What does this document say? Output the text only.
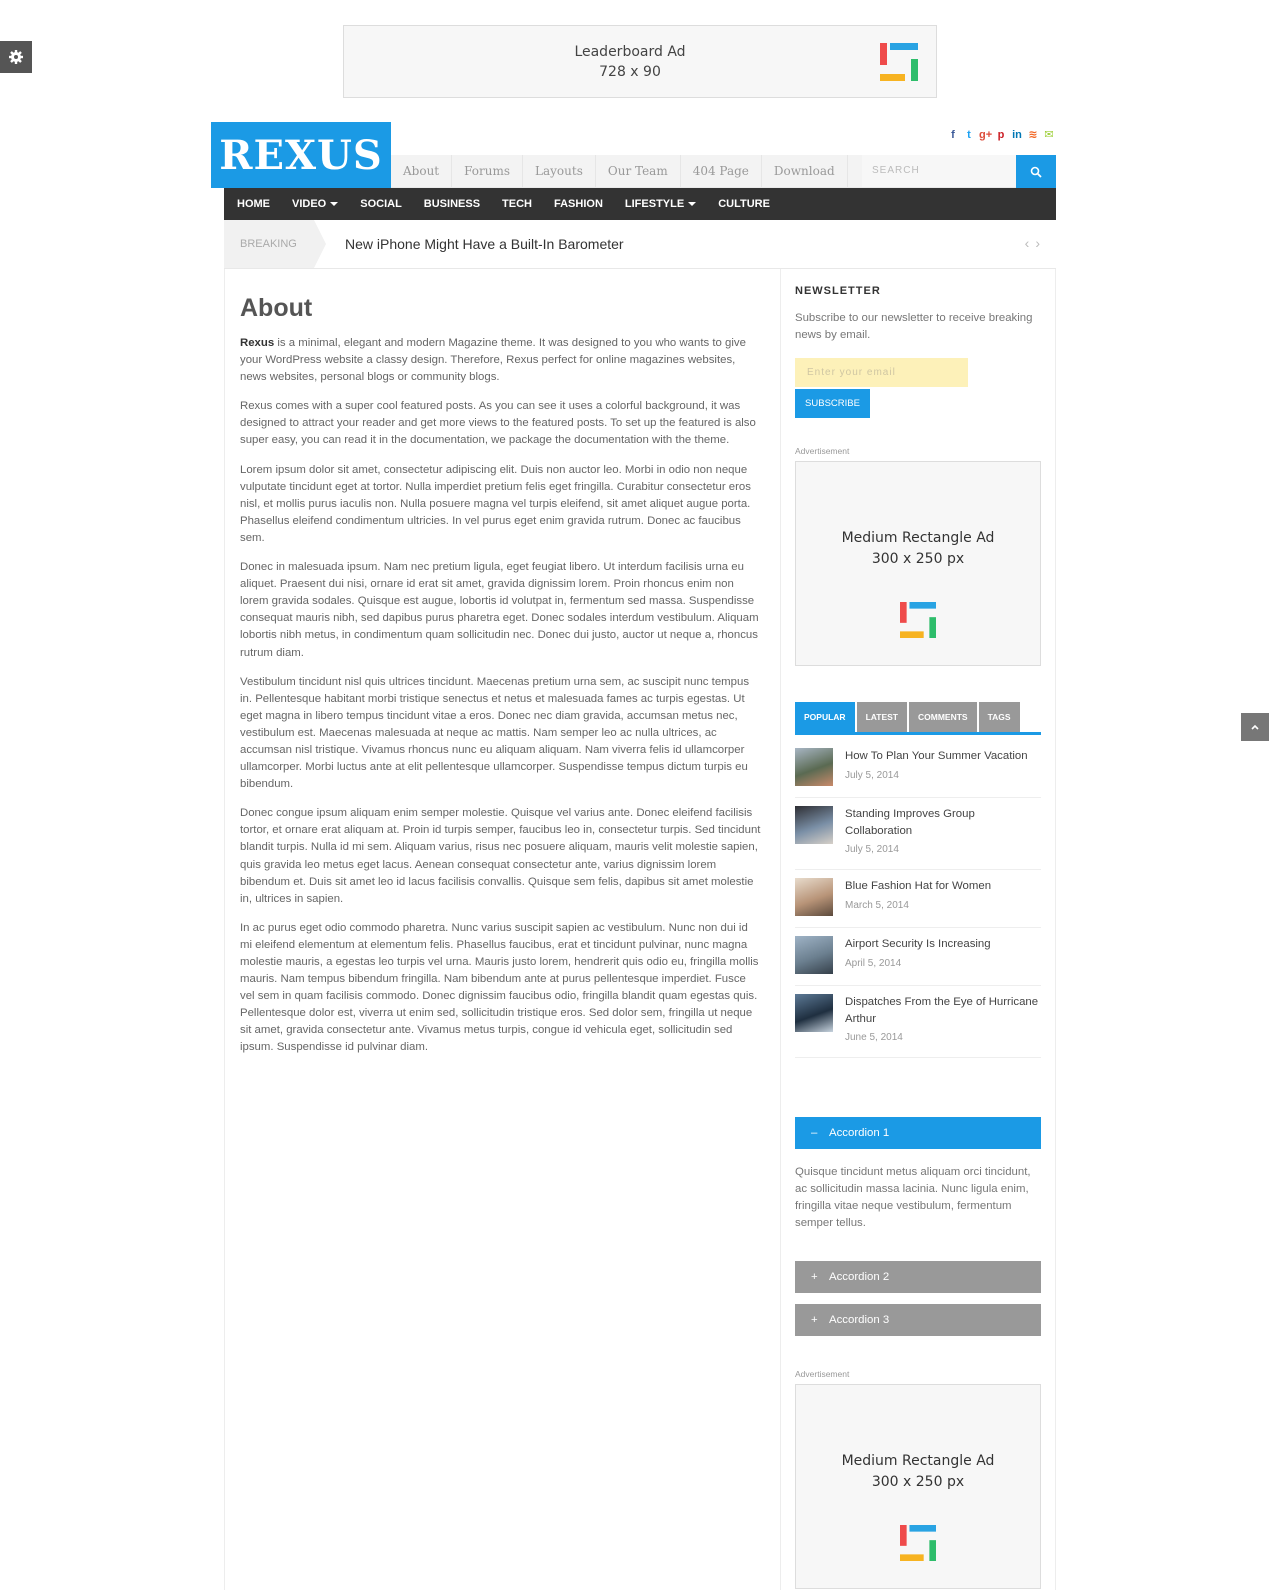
Leaderboard Ad
728 x 90
f	t g+ p in ≋ ✉
REXUS	About	Forums	Layouts	Our Team	404 Page	Download	SEARCH
HOME	VIDEO	SOCIAL	BUSINESS	TECH	FASHION	LIFESTYLE	CULTURE
BREAKING	New iPhone Might Have a Built-In Barometer	‹ ›
About

Rexus is a minimal, elegant and modern Magazine theme. It was designed to you who wants to give your WordPress website a classy design. Therefore, Rexus perfect for online magazines websites, news websites, personal blogs or community blogs.

Rexus comes with a super cool featured posts. As you can see it uses a colorful background, it was designed to attract your reader and get more views to the featured posts. To set up the featured is also super easy, you can read it in the documentation, we package the documentation with the theme.

Lorem ipsum dolor sit amet, consectetur adipiscing elit. Duis non auctor leo. Morbi in odio non neque vulputate tincidunt eget at tortor. Nulla imperdiet pretium felis eget fringilla. Curabitur consectetur eros nisl, et mollis purus iaculis non. Nulla posuere magna vel turpis eleifend, sit amet aliquet augue porta. Phasellus eleifend condimentum ultricies. In vel purus eget enim gravida rutrum. Donec ac faucibus sem.

Donec in malesuada ipsum. Nam nec pretium ligula, eget feugiat libero. Ut interdum facilisis urna eu aliquet. Praesent dui nisi, ornare id erat sit amet, gravida dignissim lorem. Proin rhoncus enim non lorem gravida sodales. Quisque est augue, lobortis id volutpat in, fermentum sed massa. Suspendisse consequat mauris nibh, sed dapibus purus pharetra eget. Donec sodales interdum vestibulum. Aliquam lobortis nibh metus, in condimentum quam sollicitudin nec. Donec dui justo, auctor ut neque a, rhoncus rutrum diam.

Vestibulum tincidunt nisl quis ultrices tincidunt. Maecenas pretium urna sem, ac suscipit nunc tempus in. Pellentesque habitant morbi tristique senectus et netus et malesuada fames ac turpis egestas. Ut eget magna in libero tempus tincidunt vitae a eros. Donec nec diam gravida, accumsan metus nec, vestibulum est. Maecenas malesuada at neque ac mattis. Nam semper leo ac nulla ultrices, ac accumsan nisl tristique. Vivamus rhoncus nunc eu aliquam aliquam. Nam viverra felis id ullamcorper ullamcorper. Morbi luctus ante at elit pellentesque ullamcorper. Suspendisse tempus dictum turpis eu bibendum.

Donec congue ipsum aliquam enim semper molestie. Quisque vel varius ante. Donec eleifend facilisis tortor, et ornare erat aliquam at. Proin id turpis semper, faucibus leo in, consectetur turpis. Sed tincidunt blandit turpis. Nulla id mi sem. Aliquam varius, risus nec posuere aliquam, mauris velit molestie sapien, quis gravida leo metus eget lacus. Aenean consequat consectetur ante, varius dignissim lorem bibendum et. Duis sit amet leo id lacus facilisis convallis. Quisque sem felis, dapibus sit amet molestie in, ultrices in sapien.

In ac purus eget odio commodo pharetra. Nunc varius suscipit sapien ac vestibulum. Nunc non dui id mi eleifend elementum at elementum felis. Phasellus faucibus, erat et tincidunt pulvinar, nunc magna molestie mauris, a egestas leo turpis vel urna. Mauris justo lorem, hendrerit quis odio eu, fringilla mollis mauris. Nam tempus bibendum fringilla. Nam bibendum ante at purus pellentesque imperdiet. Fusce vel sem in quam facilisis commodo. Donec dignissim faucibus odio, fringilla blandit quam egestas quis. Pellentesque dolor est, viverra ut enim sed, sollicitudin tristique eros. Sed dolor sem, fringilla ut neque sit amet, gravida consectetur ante. Vivamus metus turpis, congue id vehicula eget, sollicitudin sed ipsum. Suspendisse id pulvinar diam.

NEWSLETTER
Subscribe to our newsletter to receive breaking news by email.
Enter your email
SUBSCRIBE
Advertisement
Medium Rectangle Ad
300 x 250 px
POPULAR	LATEST	COMMENTS	TAGS
How To Plan Your Summer Vacation
July 5, 2014
Standing Improves Group Collaboration
July 5, 2014
Blue Fashion Hat for Women
March 5, 2014
Airport Security Is Increasing
April 5, 2014
Dispatches From the Eye of Hurricane Arthur
June 5, 2014
– Accordion 1
Quisque tincidunt metus aliquam orci tincidunt, ac sollicitudin massa lacinia. Nunc ligula enim, fringilla vitae neque vestibulum, fermentum semper tellus.
+ Accordion 2
+ Accordion 3
Advertisement
Medium Rectangle Ad
300 x 250 px
